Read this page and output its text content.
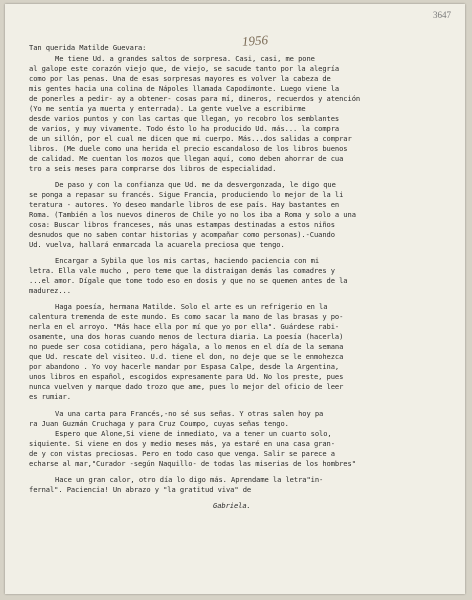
3647
1956
Tan querida Matilde Guevara:
Me tiene Ud. a grandes saltos de sorpresa. Casi, casi, me pone
al galope este corazón viejo que, de viejo, se sacude tanto por la alegría
como por las penas. Una de esas sorpresas mayores es volver la cabeza de
mis gentes hacia una colina de Nápoles llamada Capodimonte. Luego viene la
de ponerles a pedir- ay a obtener- cosas para mí, dineros, recuerdos y atención
(Yo me sentía ya muerta y enterrada). La gente vuelve a escribirme
desde varios puntos y con las cartas que llegan, yo recobro los semblantes
de varios, y muy vivamente. Todo ésto lo ha producido Ud. más... la compra
de un sillón, por el cual me dicen que mi cuerpo. Más...dos salidas a comprar
libros. (Me duele como una herida el precio escandaloso de los libros buenos
de calidad. Me cuentan los mozos que llegan aquí, como deben ahorrar de cua
tro a seis meses para comprarse dos libros de especialidad.
De paso y con la confianza que Ud. me da desvergonzada, le digo que
se ponga a repasar su francés. Sigue Francia, produciendo lo mejor de la li
teratura - autores. Yo deseo mandarle libros de ese país. Hay bastantes en
Roma. (También a los nuevos dineros de Chile yo no los iba a Roma y solo a una
cosa: Buscar libros franceses, más unas estampas destinadas a estos niños
desnudos que no saben contar historias y acompañar como personas).-Cuando
Ud. vuelva, hallará enmarcada la acuarela preciosa que tengo.
Encargar a Sybila que los mis cartas, haciendo paciencia con mi
letra. Ella vale mucho , pero teme que la distraigan demás las comadres y
...el amor. Dígale que tome todo eso en dosis y que no se quemen antes de la
madurez...
Haga poesía, hermana Matilde. Solo el arte es un refrigerio en la
calentura tremenda de este mundo. Es como sacar la mano de las brasas y po-
nerla en el arroyo. "Más hace ella por mí que yo por ella". Guárdese rabi-
osamente, una dos horas cuando menos de lectura diaria. La poesía (hacerla)
no puede ser cosa cotidiana, pero hágala, a lo menos en el día de la semana
que Ud. rescate del visiteo. U.d. tiene el don, no deje que se le enmohezca
por abandono . Yo voy hacerle mandar por Espasa Calpe, desde la Argentina,
unos libros en español, escogidos expresamente para Ud. No los preste, pues
nunca vuelven y marque dado trozo que ame, pues lo mejor del oficio de leer
es rumiar.
Va una carta para Francés,-no sé sus señas. Y otras salen hoy pa
ra Juan Guzmán Cruchaga y para Cruz Coumpo, cuyas señas tengo.
Espero que Alone,Si viene de inmediato, va a tener un cuarto solo,
siquiente. Si viene en dos y medio meses más, ya estaré en una casa gran-
de y con vistas preciosas. Pero en todo caso que venga. Salir se parece a
echarse al mar,"Curador -según Naquillo- de todas las miserias de los hombres"
Hace un gran calor, otro día lo digo más. Aprendame la letra"in-
fernal". Paciencia! Un abrazo y "la gratitud viva" de
Gabriela.
